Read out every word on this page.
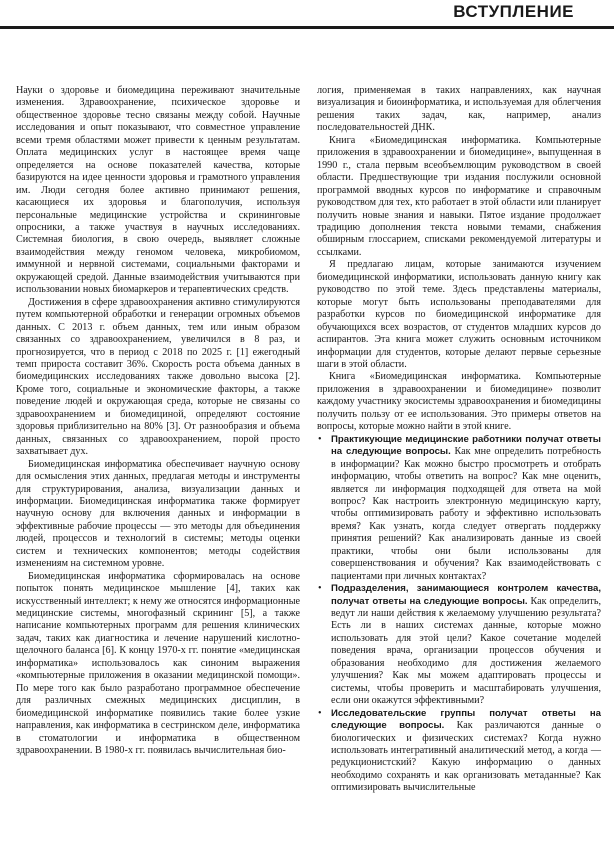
ВСТУПЛЕНИЕ

Науки о здоровье и биомедицина переживают значительные изменения. Здравоохранение, психическое здоровье и общественное здоровье тесно связаны между собой. Научные исследования и опыт показывают, что совместное управление всеми тремя областями может привести к ценным результатам. Оплата медицинских услуг в настоящее время чаще определяется на основе показателей качества, которые базируются на идее ценности здоровья и грамотного управления им. Люди сегодня более активно принимают решения, касающиеся их здоровья и благополучия, используя персональные медицинские устройства и скрининговые опросники, а также участвуя в научных исследованиях. Системная биология, в свою очередь, выявляет сложные взаимодействия между геномом человека, микробиомом, иммунной и нервной системами, социальными факторами и окружающей средой. Данные взаимодействия учитываются при использовании новых биомаркеров и терапевтических средств.

Достижения в сфере здравоохранения активно стимулируются путем компьютерной обработки и генерации огромных объемов данных. С 2013 г. объем данных, тем или иным образом связанных со здравоохранением, увеличился в 8 раз, и прогнозируется, что в период с 2018 по 2025 г. [1] ежегодный темп прироста составит 36%. Скорость роста объема данных в биомедицинских исследованиях также довольно высока [2]. Кроме того, социальные и экономические факторы, а также поведение людей и окружающая среда, которые не связаны со здравоохранением и биомедициной, определяют состояние здоровья приблизительно на 80% [3]. От разнообразия и объема данных, связанных со здравоохранением, порой просто захватывает дух.

Биомедицинская информатика обеспечивает научную основу для осмысления этих данных, предлагая методы и инструменты для структурирования, анализа, визуализации данных и информации. Биомедицинская информатика также формирует научную основу для включения данных и информации в эффективные рабочие процессы — это методы для объединения людей, процессов и технологий в системы; методы оценки систем и технических компонентов; методы содействия изменениям на системном уровне.

Биомедицинская информатика сформировалась на основе попыток понять медицинское мышление [4], таких как искусственный интеллект; к нему же относятся информационные медицинские системы, многофазный скрининг [5], а также написание компьютерных программ для решения клинических задач, таких как диагностика и лечение нарушений кислотно-щелочного баланса [6]. К концу 1970-х гг. понятие «медицинская информатика» использовалось как синоним выражения «компьютерные приложения в оказании медицинской помощи». По мере того как было разработано программное обеспечение для различных смежных медицинских дисциплин, в биомедицинской информатике появились такие более узкие направления, как информатика в сестринском деле, информатика в стоматологии и информатика в общественном здравоохранении. В 1980-х гг. появилась вычислительная био-

логия, применяемая в таких направлениях, как научная визуализация и биоинформатика, и используемая для облегчения решения таких задач, как, например, анализ последовательностей ДНК.

Книга «Биомедицинская информатика. Компьютерные приложения в здравоохранении и биомедицине», выпущенная в 1990 г., стала первым всеобъемлющим руководством в своей области. Предшествующие три издания послужили основной программой вводных курсов по информатике и справочным руководством для тех, кто работает в этой области или планирует получить новые знания и навыки. Пятое издание продолжает традицию дополнения текста новыми темами, снабжения обширным глоссарием, списками рекомендуемой литературы и ссылками.

Я предлагаю лицам, которые занимаются изучением биомедицинской информатики, использовать данную книгу как руководство по этой теме. Здесь представлены материалы, которые могут быть использованы преподавателями для разработки курсов по биомедицинской информатике для обучающихся всех возрастов, от студентов младших курсов до аспирантов. Эта книга может служить основным источником информации для студентов, которые делают первые серьезные шаги в этой области.

Книга «Биомедицинская информатика. Компьютерные приложения в здравоохранении и биомедицине» позволит каждому участнику экосистемы здравоохранения и биомедицины получить пользу от ее использования. Это примеры ответов на вопросы, которые можно найти в этой книге.

• Практикующие медицинские работники получат ответы на следующие вопросы. Как мне определить потребность в информации? Как можно быстро просмотреть и отобрать информацию, чтобы ответить на вопрос? Как мне оценить, является ли информация подходящей для ответа на мой вопрос? Как настроить электронную медицинскую карту, чтобы оптимизировать работу и эффективно использовать время? Как узнать, когда следует отвергать поддержку принятия решений? Как анализировать данные из своей практики, чтобы они были использованы для совершенствования и обучения? Как взаимодействовать с пациентами при личных контактах?
• Подразделения, занимающиеся контролем качества, получат ответы на следующие вопросы. Как определить, ведут ли наши действия к желаемому улучшению результата? Есть ли в наших системах данные, которые можно использовать для этой цели? Какое сочетание моделей поведения врача, организации процессов обучения и образования необходимо для достижения желаемого улучшения? Как мы можем адаптировать процессы и системы, чтобы проверить и масштабировать улучшения, если они окажутся эффективными?
• Исследовательские группы получат ответы на следующие вопросы. Как различаются данные о биологических и физических системах? Когда нужно использовать интегративный аналитический метод, а когда — редукционистский? Какую информацию о данных необходимо сохранять и как организовать метаданные? Как оптимизировать вычислительные
